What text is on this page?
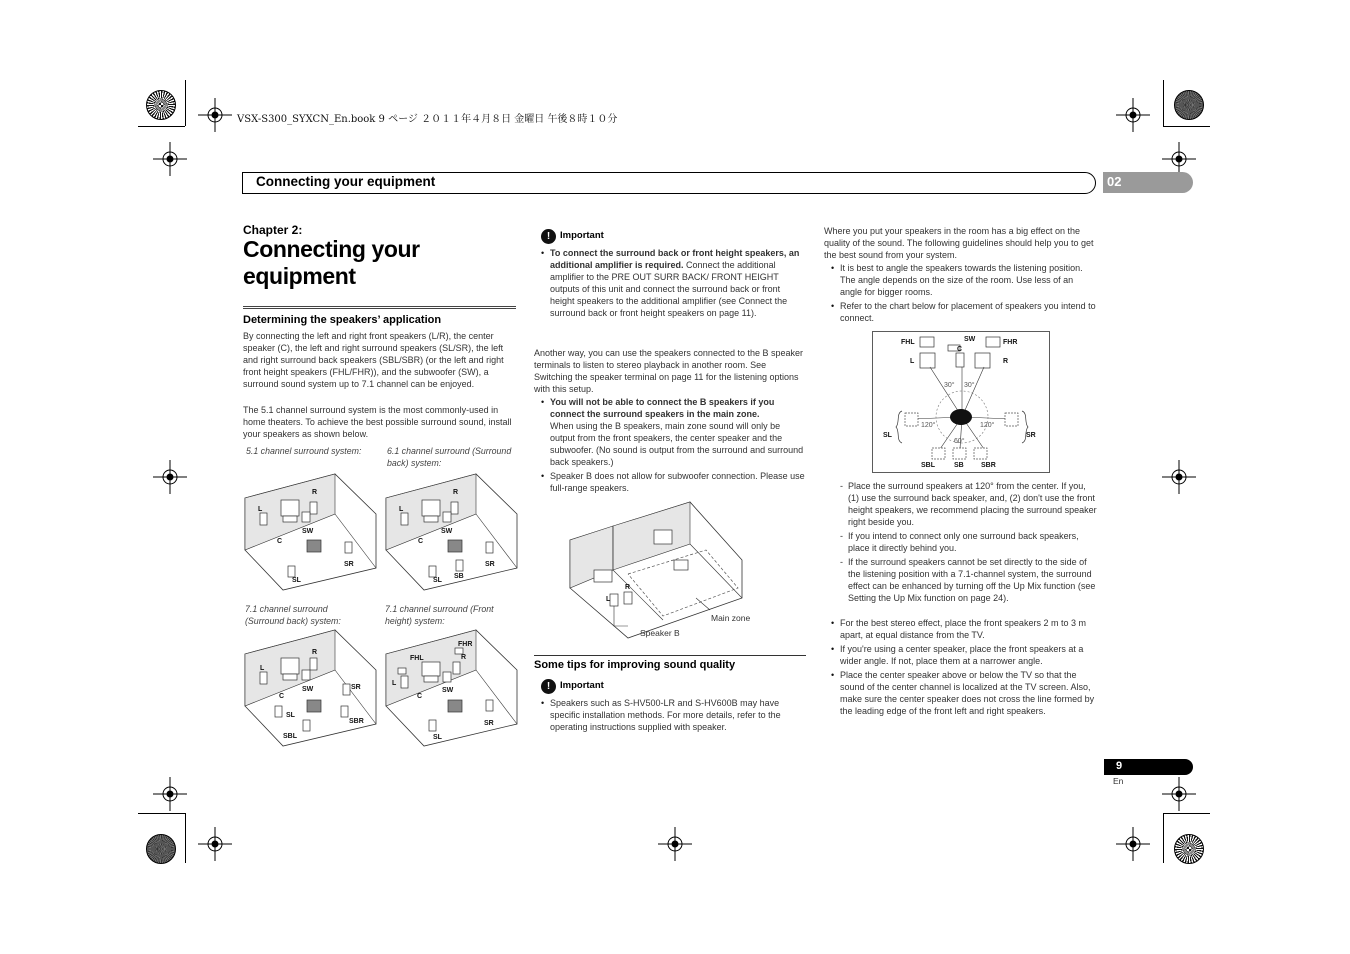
VSX-S300_SYXCN_En.book 9 ページ ２０１１年４月８日 金曜日 午後８時１０分
Connecting your equipment	02
Chapter 2:
Connecting your equipment
Determining the speakers’ application
By connecting the left and right front speakers (L/R), the center speaker (C), the left and right surround speakers (SL/SR), the left and right surround back speakers (SBL/SBR) (or the left and right front height speakers (FHL/FHR)), and the subwoofer (SW), a surround sound system up to 7.1 channel can be enjoyed.
The 5.1 channel surround system is the most commonly-used in home theaters. To achieve the best possible surround sound, install your speakers as shown below.
5.1 channel surround system:	6.1 channel surround (Surround back) system:
7.1 channel surround (Surround back) system:
7.1 channel surround (Front height) system:
L
R
C
SW
SL
SR
L
R
C
SW
SL
SB
SR
L
R
C
SW
SL
SR
SBL
SBR
FHL
FHR
L
R
C
SW
SL
SR
!	Important
• To connect the surround back or front height speakers, an additional amplifier is required. Connect the additional amplifier to the PRE OUT SURR BACK/ FRONT HEIGHT outputs of this unit and connect the surround back or front height speakers to the additional amplifier (see Connect the surround back or front height speakers on page 11).
Another way, you can use the speakers connected to the B speaker terminals to listen to stereo playback in another room. See Switching the speaker terminal on page 11 for the listening options with this setup.
• You will not be able to connect the B speakers if you connect the surround speakers in the main zone.
When using the B speakers, main zone sound will only be output from the front speakers, the center speaker and the subwoofer. (No sound is output from the surround and surround back speakers.)
• Speaker B does not allow for subwoofer connection. Please use full-range speakers.
L
R
Speaker B
Main zone
Some tips for improving sound quality
!	Important
• Speakers such as S-HV500-LR and S-HV600B may have specific installation methods. For more details, refer to the operating instructions supplied with speaker.
Where you put your speakers in the room has a big effect on the quality of the sound. The following guidelines should help you to get the best sound from your system.
• It is best to angle the speakers towards the listening position. The angle depends on the size of the room. Use less of an angle for bigger rooms.
• Refer to the chart below for placement of speakers you intend to connect.
FHL	SW	FHR
L
C
R
30° 30°
SL	SR
120°	120°
60°
SBL	SB SBR
- Place the surround speakers at 120° from the center. If you, (1) use the surround back speaker, and, (2) don't use the front height speakers, we recommend placing the surround speaker right beside you.
- If you intend to connect only one surround back speakers, place it directly behind you.
- If the surround speakers cannot be set directly to the side of the listening position with a 7.1-channel system, the surround effect can be enhanced by turning off the Up Mix function (see Setting the Up Mix function on page 24).
• For the best stereo effect, place the front speakers 2 m to 3 m apart, at equal distance from the TV.
• If you're using a center speaker, place the front speakers at a wider angle. If not, place them at a narrower angle.
• Place the center speaker above or below the TV so that the sound of the center channel is localized at the TV screen. Also, make sure the center speaker does not cross the line formed by the leading edge of the front left and right speakers.
9
En
